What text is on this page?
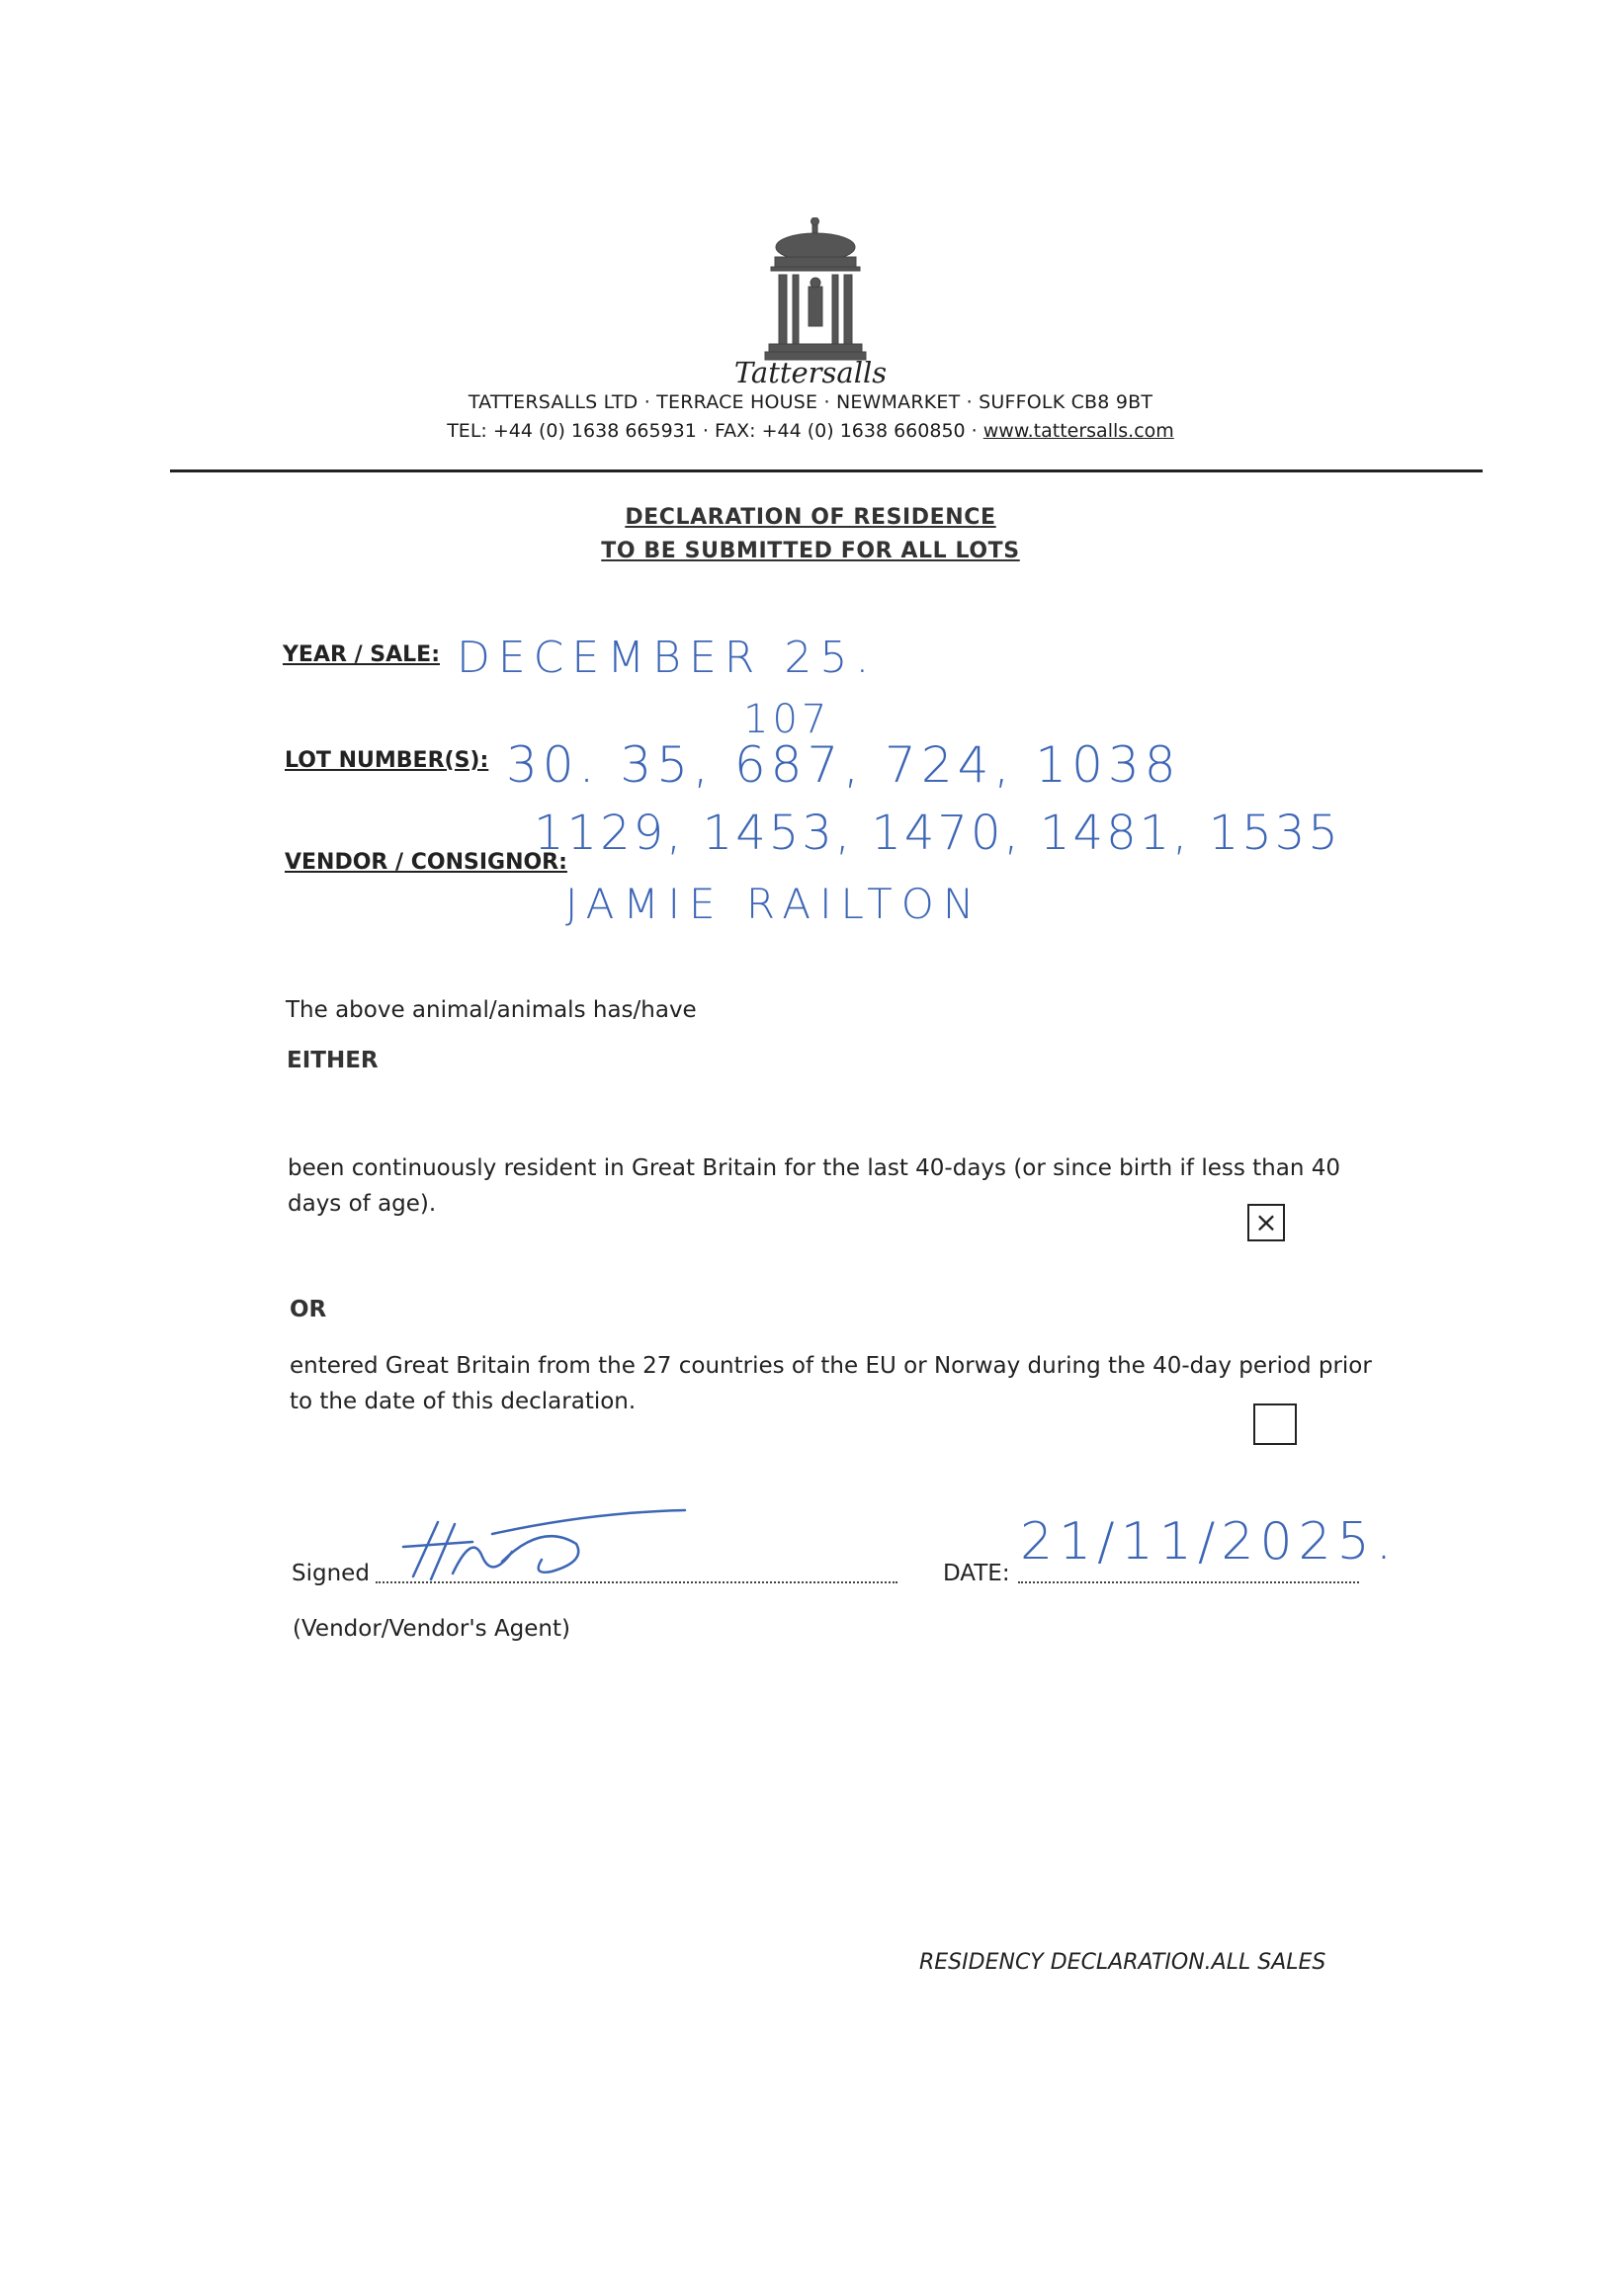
Tattersalls
TATTERSALLS LTD · TERRACE HOUSE · NEWMARKET · SUFFOLK CB8 9BT
TEL: +44 (0) 1638 665931 · FAX: +44 (0) 1638 660850 · www.tattersalls.com
DECLARATION OF RESIDENCE
TO BE SUBMITTED FOR ALL LOTS
YEAR / SALE: DECEMBER 25.
107
LOT NUMBER(S): 30. 35, 687, 724, 1038
1129, 1453, 1470, 1481, 1535
VENDOR / CONSIGNOR:
JAMIE RAILTON
The above animal/animals has/have
EITHER
been continuously resident in Great Britain for the last 40-days (or since birth if less than 40 days of age).
×
OR
entered Great Britain from the 27 countries of the EU or Norway during the 40-day period prior to the date of this declaration.
Signed	DATE:
21/11/2025.
(Vendor/Vendor's Agent)
RESIDENCY DECLARATION.ALL SALES
